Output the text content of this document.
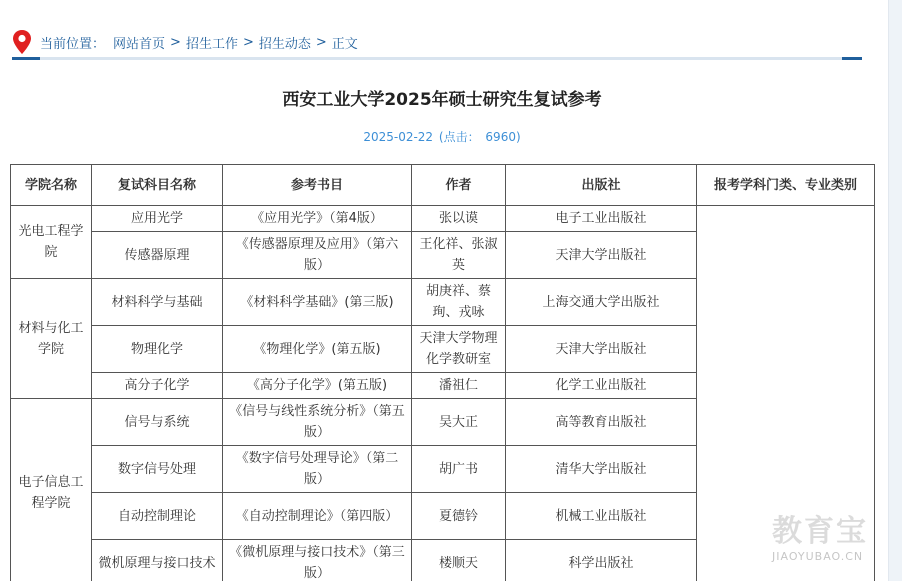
当前位置： 网站首页 > 招生工作 > 招生动态 > 正文
西安工业大学2025年硕士研究生复试参考
2025-02-22 (点击： 6960)
学院名称	复试科目名称	参考书目	作者	出版社	报考学科门类、专业类别
光电工程学院	应用光学	《应用光学》（第4版）	张以谟	电子工业出版社	
	传感器原理	《传感器原理及应用》（第六版）	王化祥、张淑英	天津大学出版社	
材料与化工学院	材料科学与基础	《材料科学基础》(第三版)	胡庚祥、蔡珣、戎咏	上海交通大学出版社	
	物理化学	《物理化学》(第五版)	天津大学物理化学教研室	天津大学出版社	
	高分子化学	《高分子化学》(第五版)	潘祖仁	化学工业出版社	
电子信息工程学院	信号与系统	《信号与线性系统分析》（第五版）	吴大正	高等教育出版社	
	数字信号处理	《数字信号处理导论》（第二版）	胡广书	清华大学出版社	
	自动控制理论	《自动控制理论》（第四版）	夏德钤	机械工业出版社	
	微机原理与接口技术	《微机原理与接口技术》（第三版）	楼顺天	科学出版社	
教育宝
JIAOYUBAO.CN
